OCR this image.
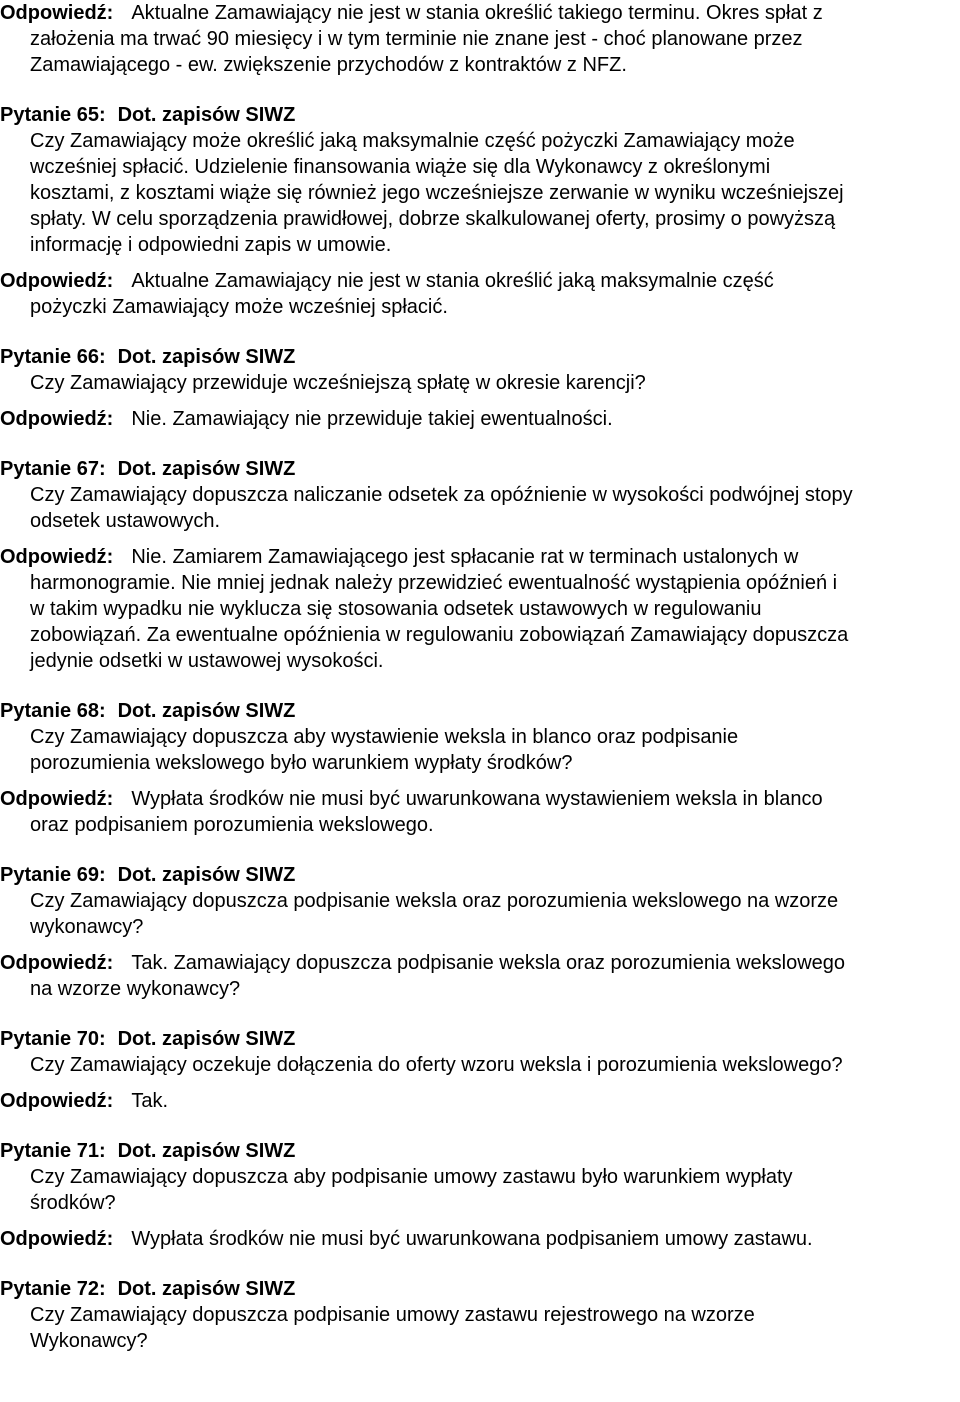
Odpowiedź: Aktualne Zamawiający nie jest w stania określić takiego terminu. Okres spłat z

założenia ma trwać 90 miesięcy i w tym terminie nie znane jest - choć planowane przez

Zamawiającego - ew. zwiększenie przychodów z kontraktów z NFZ.

Pytanie 65: Dot. zapisów SIWZ

Czy Zamawiający może określić jaką maksymalnie część pożyczki Zamawiający może

wcześniej spłacić. Udzielenie finansowania wiąże się dla Wykonawcy z określonymi

kosztami, z kosztami wiąże się również jego wcześniejsze zerwanie w wyniku wcześniejszej

spłaty. W celu sporządzenia prawidłowej, dobrze skalkulowanej oferty, prosimy o powyższą

informację i odpowiedni zapis w umowie.

Odpowiedź: Aktualne Zamawiający nie jest w stania określić jaką maksymalnie część

pożyczki Zamawiający może wcześniej spłacić.

Pytanie 66: Dot. zapisów SIWZ

Czy Zamawiający przewiduje wcześniejszą spłatę w okresie karencji?

Odpowiedź: Nie. Zamawiający nie przewiduje takiej ewentualności.

Pytanie 67: Dot. zapisów SIWZ

Czy Zamawiający dopuszcza naliczanie odsetek za opóźnienie w wysokości podwójnej stopy

odsetek ustawowych.

Odpowiedź: Nie. Zamiarem Zamawiającego jest spłacanie rat w terminach ustalonych w

harmonogramie. Nie mniej jednak należy przewidzieć ewentualność wystąpienia opóźnień i

w takim wypadku nie wyklucza się stosowania odsetek ustawowych w regulowaniu

zobowiązań. Za ewentualne opóźnienia w regulowaniu zobowiązań Zamawiający dopuszcza

jedynie odsetki w ustawowej wysokości.

Pytanie 68: Dot. zapisów SIWZ

Czy Zamawiający dopuszcza aby wystawienie weksla in blanco oraz podpisanie

porozumienia wekslowego było warunkiem wypłaty środków?

Odpowiedź: Wypłata środków nie musi być uwarunkowana wystawieniem weksla in blanco

oraz podpisaniem porozumienia wekslowego.

Pytanie 69: Dot. zapisów SIWZ

Czy Zamawiający dopuszcza podpisanie weksla oraz porozumienia wekslowego na wzorze

wykonawcy?

Odpowiedź: Tak. Zamawiający dopuszcza podpisanie weksla oraz porozumienia wekslowego

na wzorze wykonawcy?

Pytanie 70: Dot. zapisów SIWZ

Czy Zamawiający oczekuje dołączenia do oferty wzoru weksla i porozumienia wekslowego?

Odpowiedź: Tak.

Pytanie 71: Dot. zapisów SIWZ

Czy Zamawiający dopuszcza aby podpisanie umowy zastawu było warunkiem wypłaty

środków?

Odpowiedź: Wypłata środków nie musi być uwarunkowana podpisaniem umowy zastawu.

Pytanie 72: Dot. zapisów SIWZ

Czy Zamawiający dopuszcza podpisanie umowy zastawu rejestrowego na wzorze

Wykonawcy?
